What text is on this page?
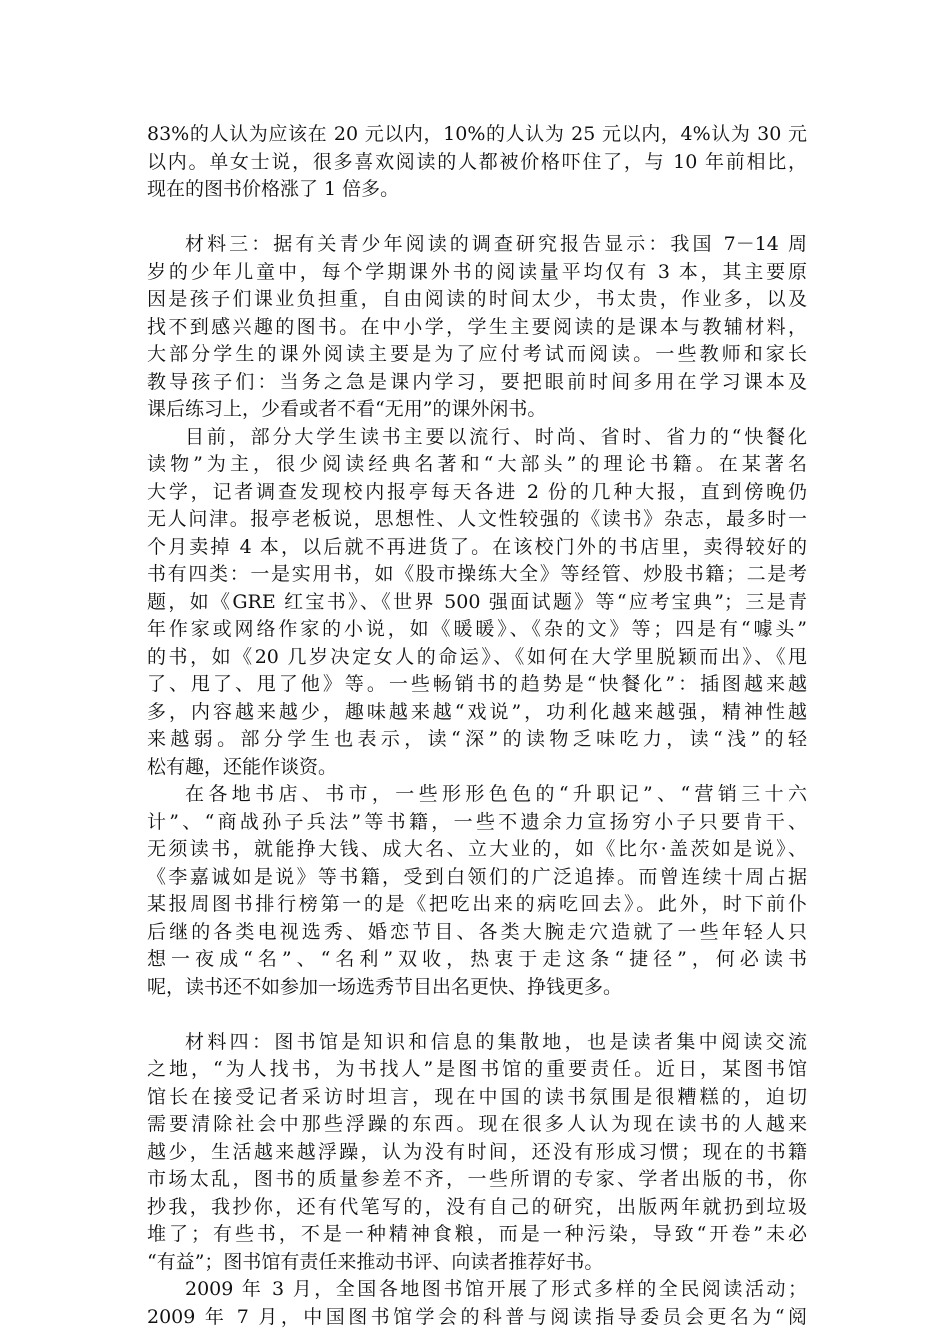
83%的人认为应该在 20 元以内，10%的人认为 25 元以内，4%认为 30 元

以内。单女士说，很多喜欢阅读的人都被价格吓住了，与 10 年前相比，

现在的图书价格涨了 1 倍多。

材料三：据有关青少年阅读的调查研究报告显示：我国 7－14 周

岁的少年儿童中，每个学期课外书的阅读量平均仅有 3 本，其主要原

因是孩子们课业负担重，自由阅读的时间太少，书太贵，作业多，以及

找不到感兴趣的图书。在中小学，学生主要阅读的是课本与教辅材料，

大部分学生的课外阅读主要是为了应付考试而阅读。一些教师和家长

教导孩子们：当务之急是课内学习，要把眼前时间多用在学习课本及

课后练习上，少看或者不看“无用”的课外闲书。

目前，部分大学生读书主要以流行、时尚、省时、省力的“快餐化

读物”为主，很少阅读经典名著和“大部头”的理论书籍。在某著名

大学，记者调查发现校内报亭每天各进 2 份的几种大报，直到傍晚仍

无人问津。报亭老板说，思想性、人文性较强的《读书》杂志，最多时一

个月卖掉 4 本，以后就不再进货了。在该校门外的书店里，卖得较好的

书有四类：一是实用书，如《股市操练大全》等经管、炒股书籍；二是考

题，如《GRE 红宝书》、《世界 500 强面试题》等“应考宝典”；三是青

年作家或网络作家的小说，如《暖暖》、《杂的文》等；四是有“噱头”

的书，如《20 几岁决定女人的命运》、《如何在大学里脱颖而出》、《甩

了、甩了、甩了他》等。一些畅销书的趋势是“快餐化”：插图越来越

多，内容越来越少，趣味越来越“戏说”，功利化越来越强，精神性越

来越弱。部分学生也表示，读“深”的读物乏味吃力，读“浅”的轻

松有趣，还能作谈资。

在各地书店、书市，一些形形色色的“升职记”、“营销三十六

计”、“商战孙子兵法”等书籍，一些不遗余力宣扬穷小子只要肯干、

无须读书，就能挣大钱、成大名、立大业的，如《比尔·盖茨如是说》、

《李嘉诚如是说》等书籍，受到白领们的广泛追捧。而曾连续十周占据

某报周图书排行榜第一的是《把吃出来的病吃回去》。此外，时下前仆

后继的各类电视选秀、婚恋节目、各类大腕走穴造就了一些年轻人只

想一夜成“名”、“名利”双收，热衷于走这条“捷径”，何必读书

呢，读书还不如参加一场选秀节目出名更快、挣钱更多。

材料四：图书馆是知识和信息的集散地，也是读者集中阅读交流

之地，“为人找书，为书找人”是图书馆的重要责任。近日，某图书馆

馆长在接受记者采访时坦言，现在中国的读书氛围是很糟糕的，迫切

需要清除社会中那些浮躁的东西。现在很多人认为现在读书的人越来

越少，生活越来越浮躁，认为没有时间，还没有形成习惯；现在的书籍

市场太乱，图书的质量参差不齐，一些所谓的专家、学者出版的书，你

抄我，我抄你，还有代笔写的，没有自己的研究，出版两年就扔到垃圾

堆了；有些书，不是一种精神食粮，而是一种污染，导致“开卷”未必

“有益”；图书馆有责任来推动书评、向读者推荐好书。

2009 年 3 月，全国各地图书馆开展了形式多样的全民阅读活动；

2009 年 7 月，中国图书馆学会的科普与阅读指导委员会更名为“阅
